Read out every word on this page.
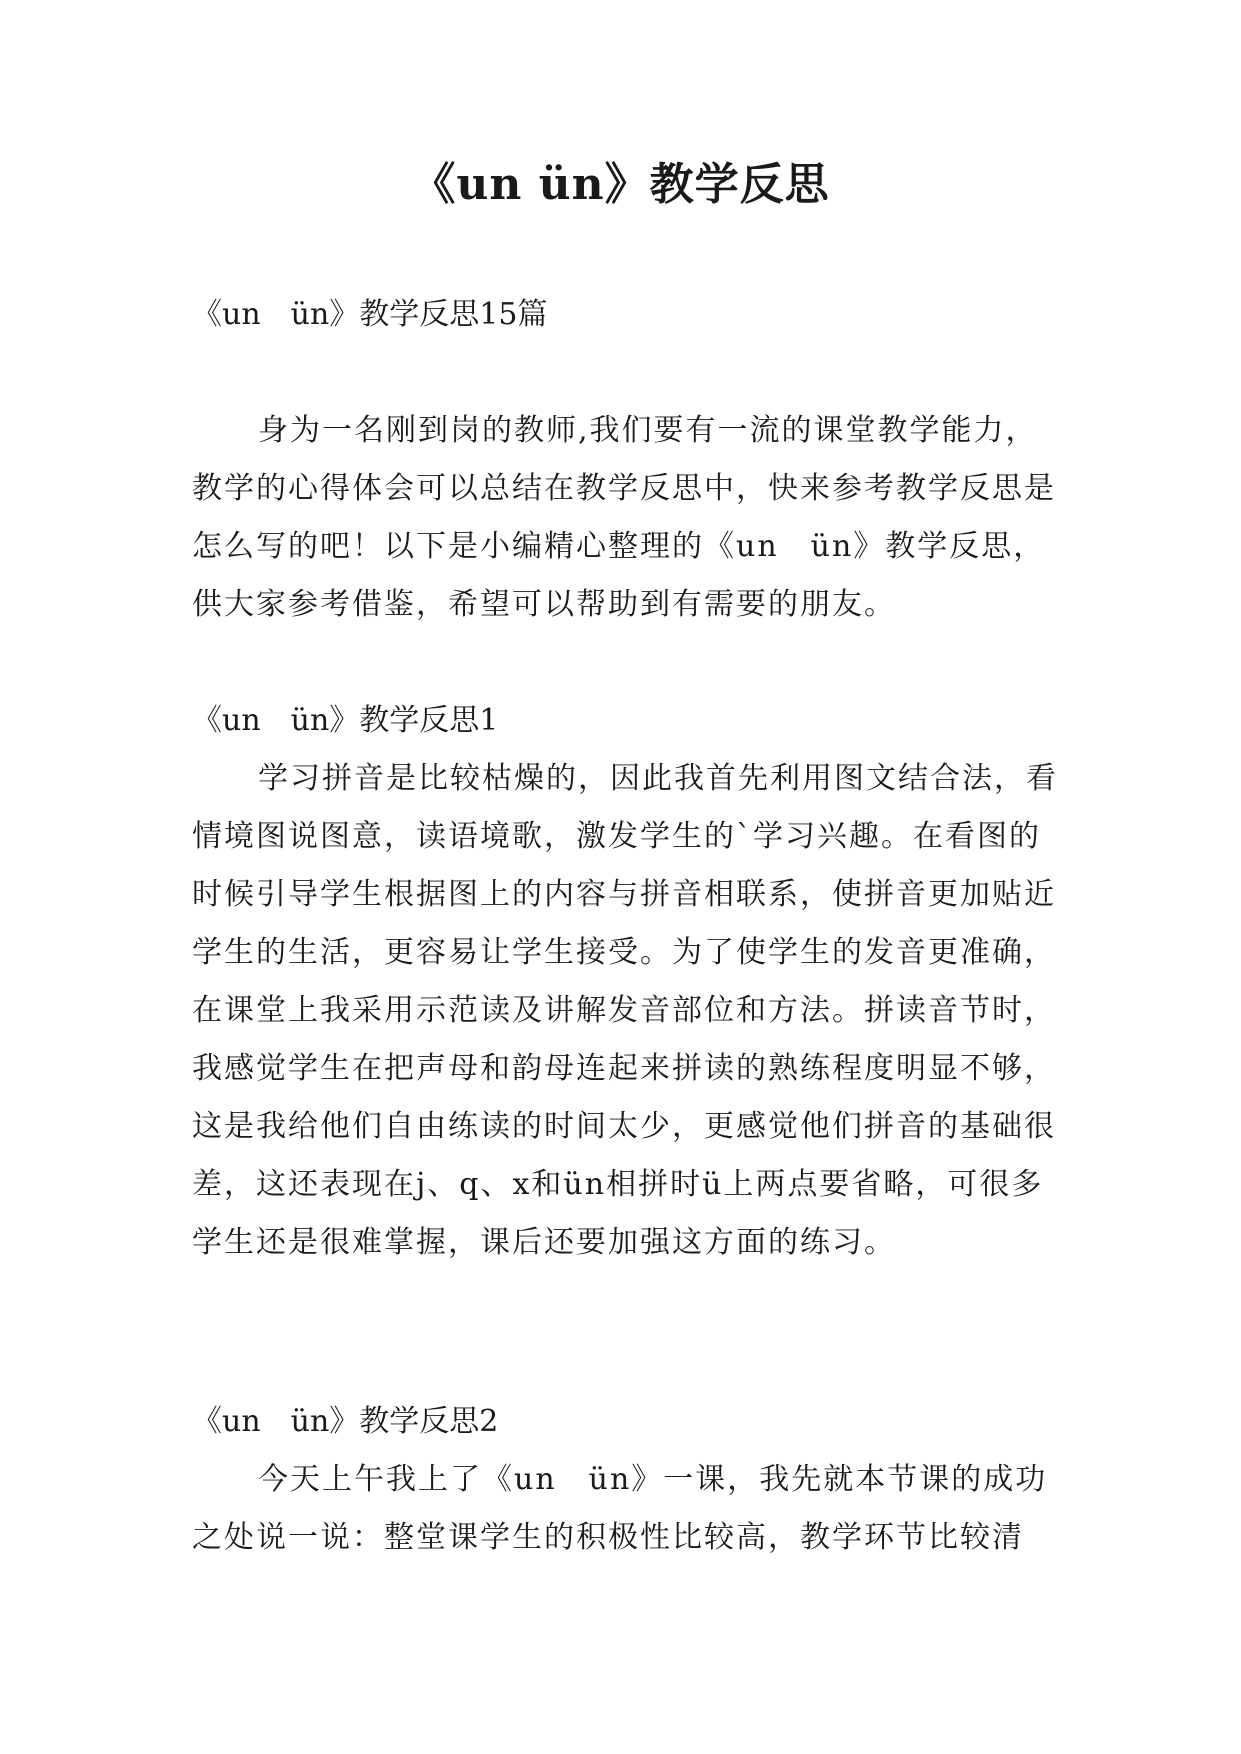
《un ün》教学反思
《un　ün》教学反思15篇

身为一名刚到岗的教师,我们要有一流的课堂教学能力，教学的心得体会可以总结在教学反思中，快来参考教学反思是怎么写的吧！以下是小编精心整理的《un　ün》教学反思，供大家参考借鉴，希望可以帮助到有需要的朋友。

《un　ün》教学反思1

学习拼音是比较枯燥的，因此我首先利用图文结合法，看情境图说图意，读语境歌，激发学生的`学习兴趣。在看图的时候引导学生根据图上的内容与拼音相联系，使拼音更加贴近学生的生活，更容易让学生接受。为了使学生的发音更准确，在课堂上我采用示范读及讲解发音部位和方法。拼读音节时，我感觉学生在把声母和韵母连起来拼读的熟练程度明显不够，这是我给他们自由练读的时间太少，更感觉他们拼音的基础很差，这还表现在j、q、x和ün相拼时ü上两点要省略，可很多学生还是很难掌握，课后还要加强这方面的练习。

《un　ün》教学反思2

今天上午我上了《un　ün》一课，我先就本节课的成功之处说一说：整堂课学生的积极性比较高，教学环节比较清
